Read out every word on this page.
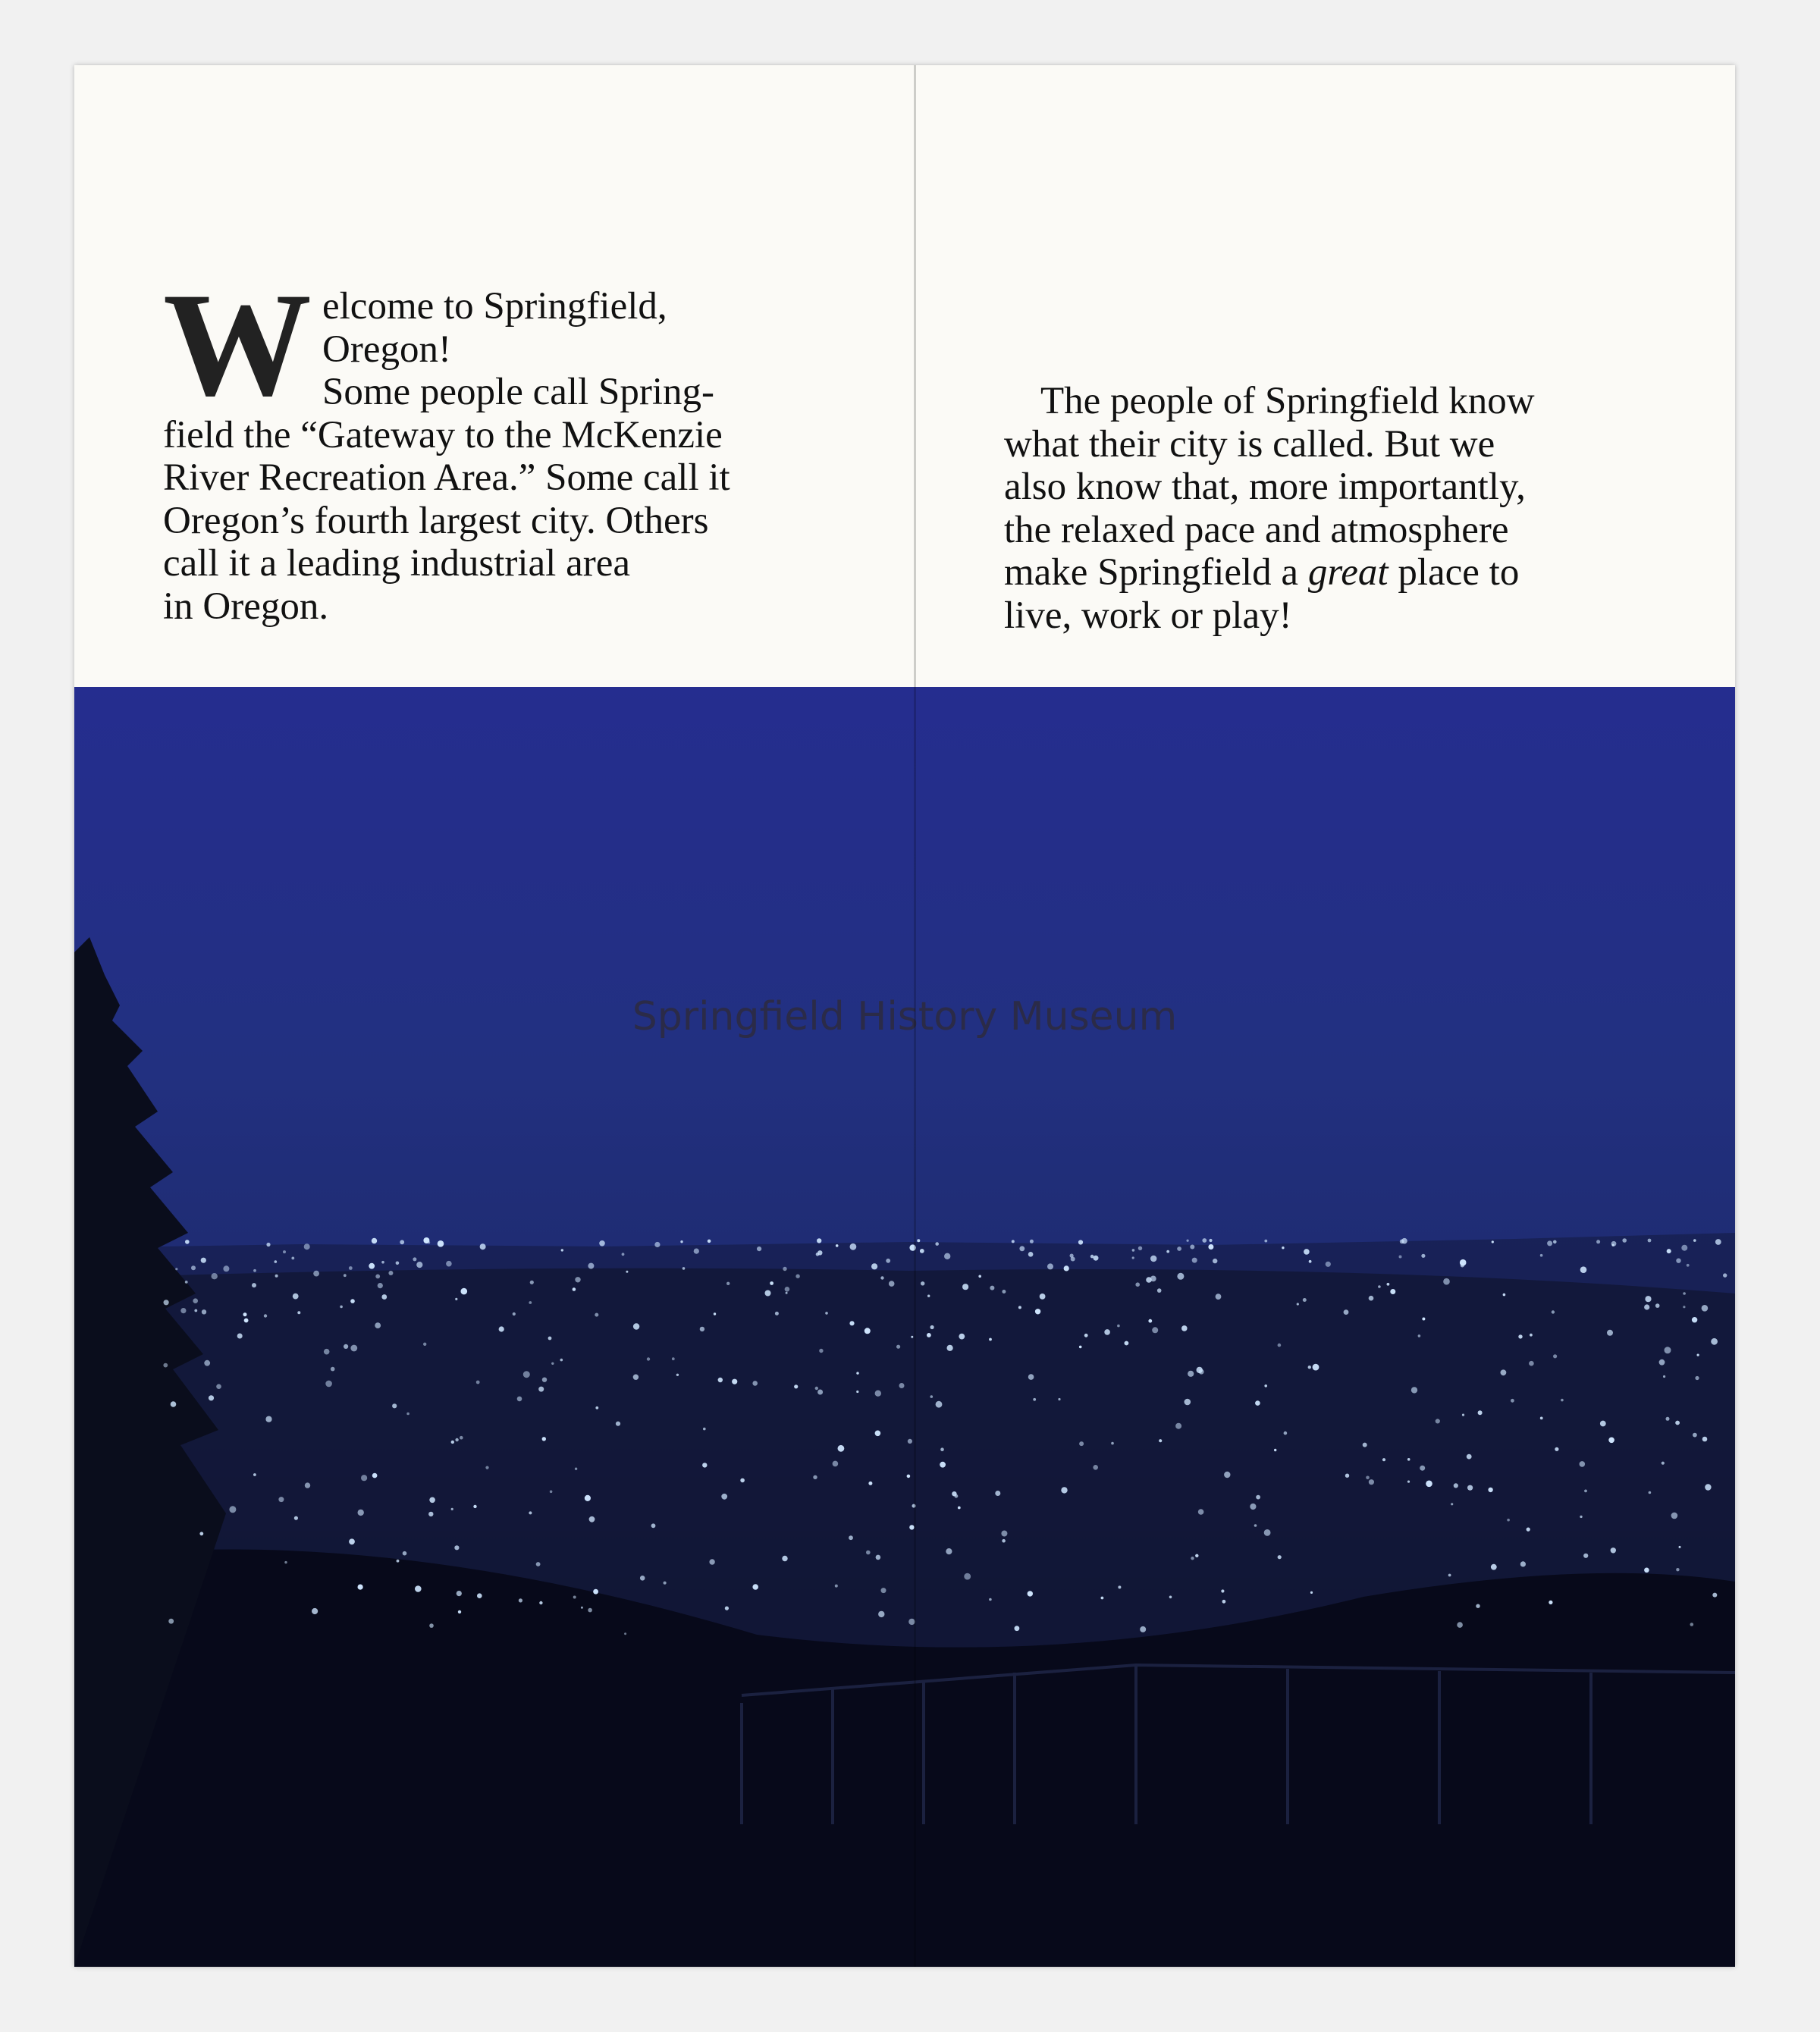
W elcome to Springfield,
Oregon!
Some people call Spring-
field the “Gateway to the McKenzie
River Recreation Area.” Some call it
Oregon’s fourth largest city. Others
call it a leading industrial area
in Oregon.
The people of Springfield know
what their city is called. But we
also know that, more importantly,
the relaxed pace and atmosphere
make Springfield a great place to
live, work or play!
Springfield History Museum
